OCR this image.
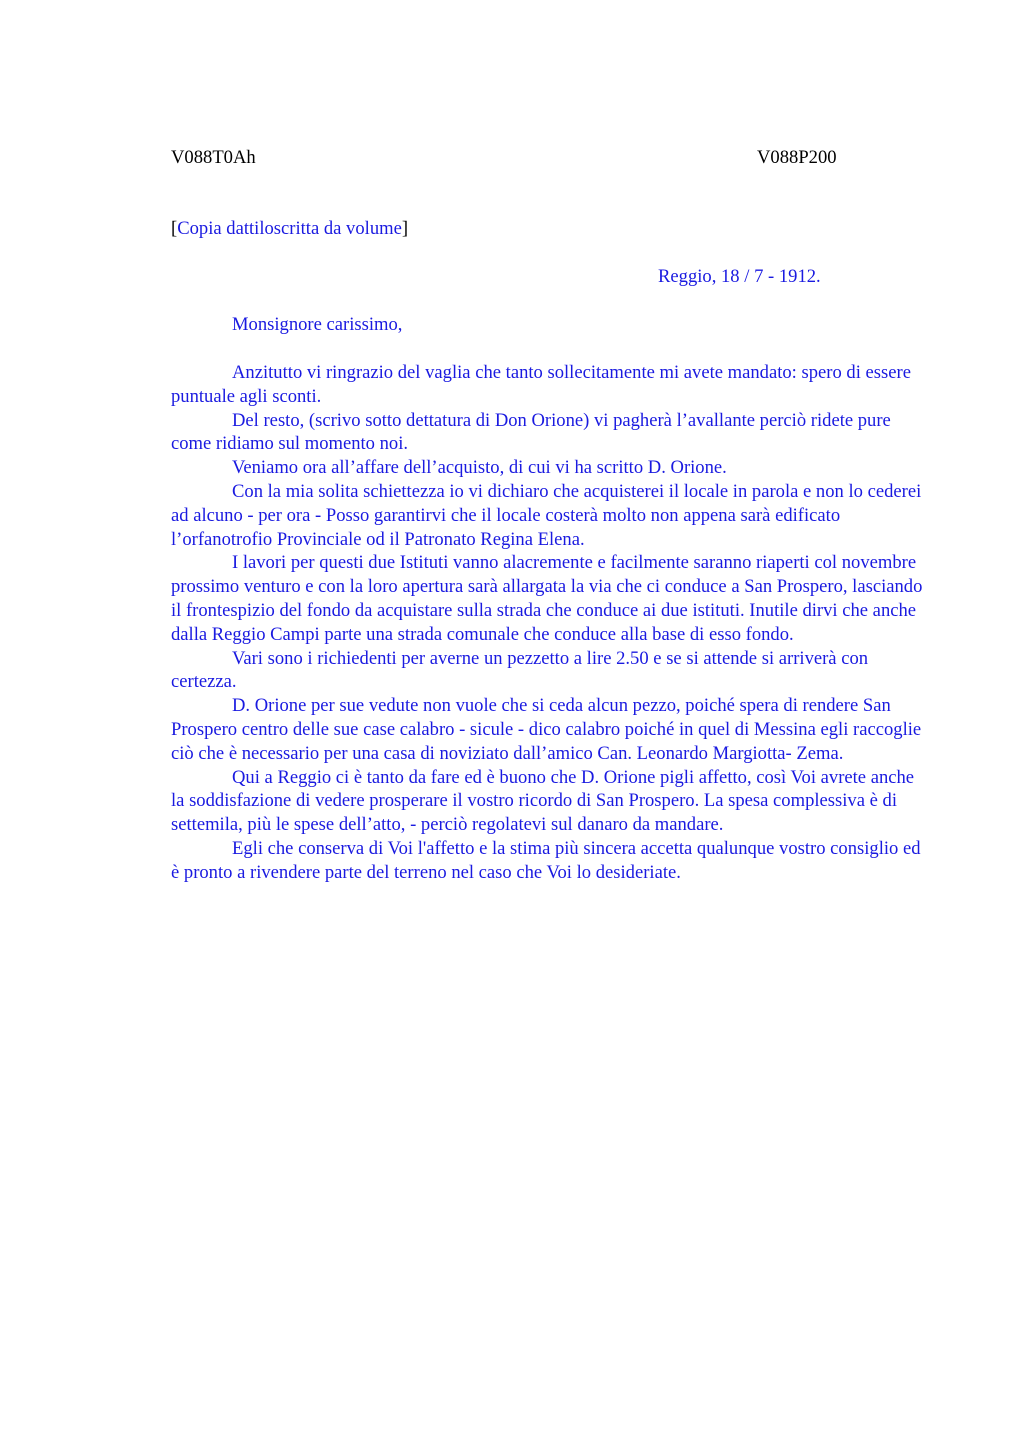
V088T0Ah	V088P200
[Copia dattiloscritta da volume]
Reggio, 18 / 7 - 1912.
Monsignore carissimo,

Anzitutto vi ringrazio del vaglia che tanto sollecitamente mi avete mandato: spero di essere puntuale agli sconti.

Del resto, (scrivo sotto dettatura di Don Orione) vi pagherà l’avallante perciò ridete pure come ridiamo sul momento noi.

Veniamo ora all’affare dell’acquisto, di cui vi ha scritto D. Orione.

Con la mia solita schiettezza io vi dichiaro che acquisterei il locale in parola e non lo cederei ad alcuno - per ora - Posso garantirvi che il locale costerà molto non appena sarà edificato l’orfanotrofio Provinciale od il Patronato Regina Elena.

I lavori per questi due Istituti vanno alacremente e facilmente saranno riaperti col novembre prossimo venturo e con la loro apertura sarà allargata la via che ci conduce a San Prospero, lasciando il frontespizio del fondo da acquistare sulla strada che conduce ai due istituti. Inutile dirvi che anche dalla Reggio Campi parte una strada comunale che conduce alla base di esso fondo.

Vari sono i richiedenti per averne un pezzetto a lire 2.50 e se si attende si arriverà con certezza.

D. Orione per sue vedute non vuole che si ceda alcun pezzo, poiché spera di rendere San Prospero centro delle sue case calabro - sicule - dico calabro poiché in quel di Messina egli raccoglie ciò che è necessario per una casa di noviziato dall’amico Can. Leonardo Margiotta- Zema.

Qui a Reggio ci è tanto da fare ed è buono che D. Orione pigli affetto, così Voi avrete anche la soddisfazione di vedere prosperare il vostro ricordo di San Prospero. La spesa complessiva è di settemila, più le spese dell’atto, - perciò regolatevi sul danaro da mandare.

Egli che conserva di Voi l'affetto e la stima più sincera accetta qualunque vostro consiglio ed è pronto a rivendere parte del terreno nel caso che Voi lo desideriate.
